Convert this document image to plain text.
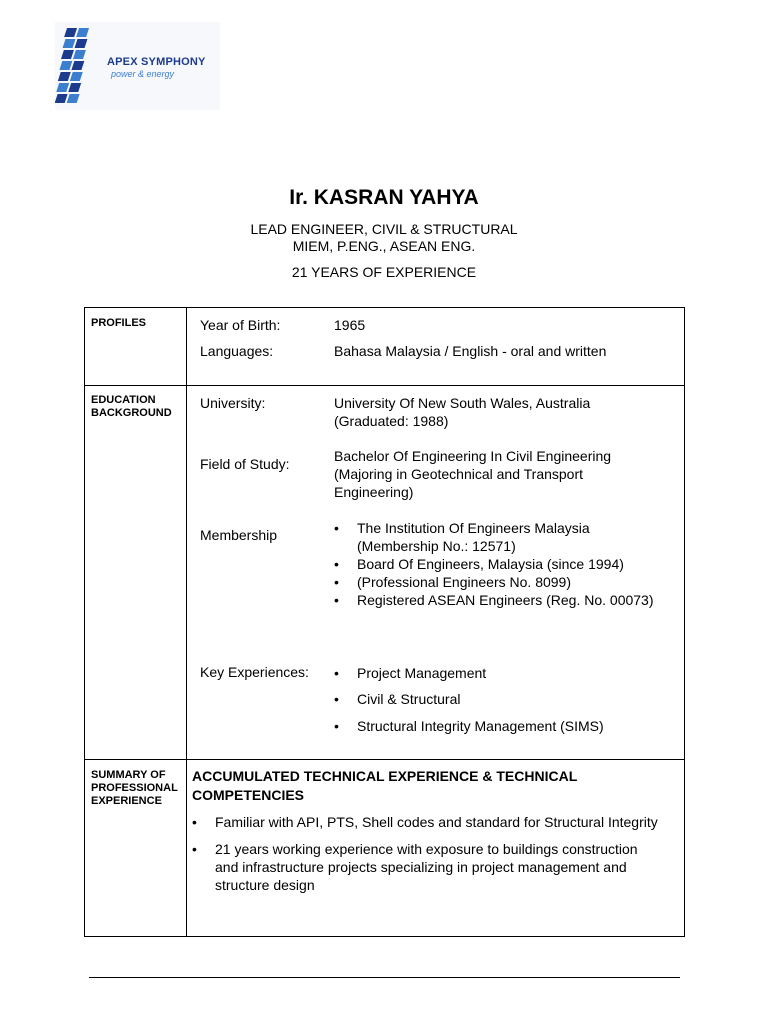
APEX SYMPHONY
power & energy
Ir. KASRAN YAHYA
LEAD ENGINEER, CIVIL & STRUCTURAL
MIEM, P.ENG., ASEAN ENG.
21 YEARS OF EXPERIENCE
PROFILES	Year of Birth:	1965
Languages:	Bahasa Malaysia / English - oral and written
EDUCATION BACKGROUND
University:	University Of New South Wales, Australia (Graduated: 1988)
Field of Study:	Bachelor Of Engineering In Civil Engineering (Majoring in Geotechnical and Transport Engineering)
Membership	• The Institution Of Engineers Malaysia (Membership No.: 12571)
• Board Of Engineers, Malaysia (since 1994)
• (Professional Engineers No. 8099)
• Registered ASEAN Engineers (Reg. No. 00073)
Key Experiences:	• Project Management
• Civil & Structural
• Structural Integrity Management (SIMS)
SUMMARY OF PROFESSIONAL EXPERIENCE
ACCUMULATED TECHNICAL EXPERIENCE & TECHNICAL COMPETENCIES
• Familiar with API, PTS, Shell codes and standard for Structural Integrity
• 21 years working experience with exposure to buildings construction and infrastructure projects specializing in project management and structure design
